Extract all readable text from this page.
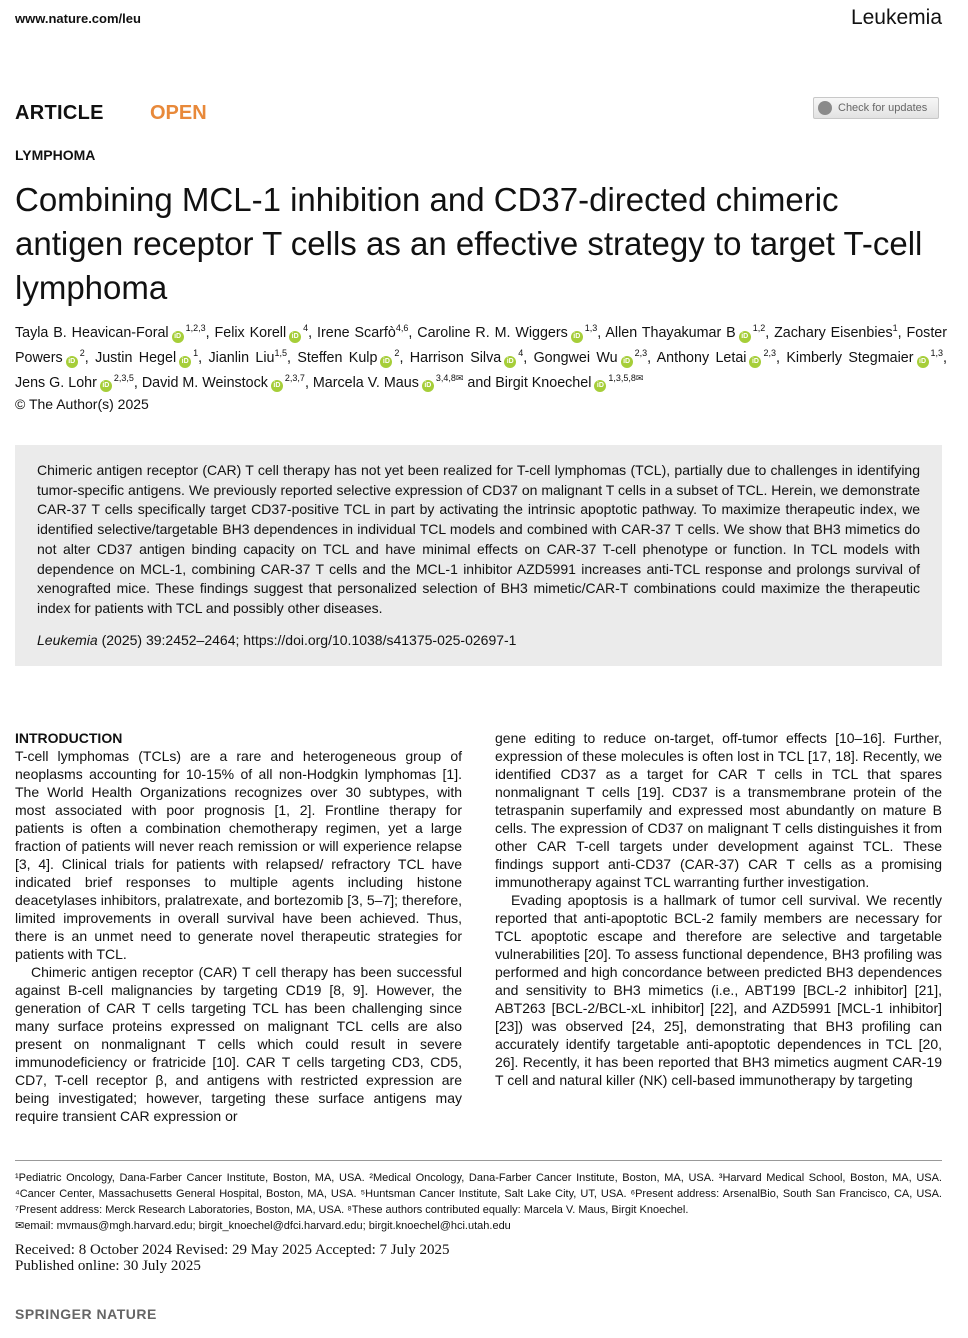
www.nature.com/leu	Leukemia
ARTICLE OPEN	Check for updates
LYMPHOMA
Combining MCL-1 inhibition and CD37-directed chimeric antigen receptor T cells as an effective strategy to target T-cell lymphoma
Tayla B. Heavican-Foral iD$^{1,2,3}$, Felix Korell $iD^4$, Irene Scarfò$^{4,6}$, Caroline R. M. Wiggers iD$^{1,3}$, Allen Thayakumar B iD$^{1,2}$, Zachary Eisenbies$^1$, Foster Powers $iD^2$, Justin Hegel $iD^1$, Jianlin Liu$^{1,5}$, Steffen Kulp $iD^2$, Harrison Silva $iD^4$, Gongwei Wu iD$^{2,3}$, Anthony Letai iD$^{2,3}$, Kimberly Stegmaier iD$^{1,3}$, Jens G. Lohr iD$^{2,3,5}$, David M. Weinstock iD$^{2,3,7}$, Marcela V. Maus $iD^{3,4,8✉}$ and Birgit Knoechel $iD^{1,3,5,8✉}$
© The Author(s) 2025

Chimeric antigen receptor (CAR) T cell therapy has not yet been realized for T-cell lymphomas (TCL), partially due to challenges in identifying tumor-specific antigens. We previously reported selective expression of CD37 on malignant T cells in a subset of TCL. Herein, we demonstrate CAR-37 T cells specifically target CD37-positive TCL in part by activating the intrinsic apoptotic pathway. To maximize therapeutic index, we identified selective/targetable BH3 dependences in individual TCL models and combined with CAR-37 T cells. We show that BH3 mimetics do not alter CD37 antigen binding capacity on TCL and have minimal effects on CAR-37 T-cell phenotype or function. In TCL models with dependence on MCL-1, combining CAR-37 T cells and the MCL-1 inhibitor AZD5991 increases anti-TCL response and prolongs survival of xenografted mice. These findings suggest that personalized selection of BH3 mimetic/CAR-T combinations could maximize the therapeutic index for patients with TCL and possibly other diseases.

Leukemia (2025) 39:2452–2464; https://doi.org/10.1038/s41375-025-02697-1
INTRODUCTION

T-cell lymphomas (TCLs) are a rare and heterogeneous group of neoplasms accounting for 10-15% of all non-Hodgkin lymphomas [1]. The World Health Organizations recognizes over 30 subtypes, with most associated with poor prognosis [1, 2]. Frontline therapy for patients is often a combination chemotherapy regimen, yet a large fraction of patients will never reach remission or will experience relapse [3, 4]. Clinical trials for patients with relapsed/ refractory TCL have indicated brief responses to multiple agents including histone deacetylases inhibitors, pralatrexate, and bortezomib [3, 5–7]; therefore, limited improvements in overall survival have been achieved. Thus, there is an unmet need to generate novel therapeutic strategies for patients with TCL.

Chimeric antigen receptor (CAR) T cell therapy has been successful against B-cell malignancies by targeting CD19 [8, 9]. However, the generation of CAR T cells targeting TCL has been challenging since many surface proteins expressed on malignant TCL cells are also present on nonmalignant T cells which could result in severe immunodeficiency or fratricide [10]. CAR T cells targeting CD3, CD5, CD7, T-cell receptor β, and antigens with restricted expression are being investigated; however, targeting these surface antigens may require transient CAR expression or

gene editing to reduce on-target, off-tumor effects [10–16]. Further, expression of these molecules is often lost in TCL [17, 18]. Recently, we identified CD37 as a target for CAR T cells in TCL that spares nonmalignant T cells [19]. CD37 is a transmembrane protein of the tetraspanin superfamily and expressed most abundantly on mature B cells. The expression of CD37 on malignant T cells distinguishes it from other CAR T-cell targets under development against TCL. These findings support anti-CD37 (CAR-37) CAR T cells as a promising immunotherapy against TCL warranting further investigation.

Evading apoptosis is a hallmark of tumor cell survival. We recently reported that anti-apoptotic BCL-2 family members are necessary for TCL apoptotic escape and therefore are selective and targetable vulnerabilities [20]. To assess functional dependence, BH3 profiling was performed and high concordance between predicted BH3 dependences and sensitivity to BH3 mimetics (i.e., ABT199 [BCL-2 inhibitor] [21], ABT263 [BCL-2/BCL-xL inhibitor] [22], and AZD5991 [MCL-1 inhibitor] [23]) was observed [24, 25], demonstrating that BH3 profiling can accurately identify targetable anti-apoptotic dependences in TCL [20, 26]. Recently, it has been reported that BH3 mimetics augment CAR-19 T cell and natural killer (NK) cell-based immunotherapy by targeting

¹Pediatric Oncology, Dana-Farber Cancer Institute, Boston, MA, USA. ²Medical Oncology, Dana-Farber Cancer Institute, Boston, MA, USA. ³Harvard Medical School, Boston, MA, USA. ⁴Cancer Center, Massachusetts General Hospital, Boston, MA, USA. ⁵Huntsman Cancer Institute, Salt Lake City, UT, USA. ⁶Present address: ArsenalBio, South San Francisco, CA, USA. ⁷Present address: Merck Research Laboratories, Boston, MA, USA. ⁸These authors contributed equally: Marcela V. Maus, Birgit Knoechel.
✉email: mvmaus@mgh.harvard.edu; birgit_knoechel@dfci.harvard.edu; birgit.knoechel@hci.utah.edu
Received: 8 October 2024 Revised: 29 May 2025 Accepted: 7 July 2025
Published online: 30 July 2025
SPRINGER NATURE
